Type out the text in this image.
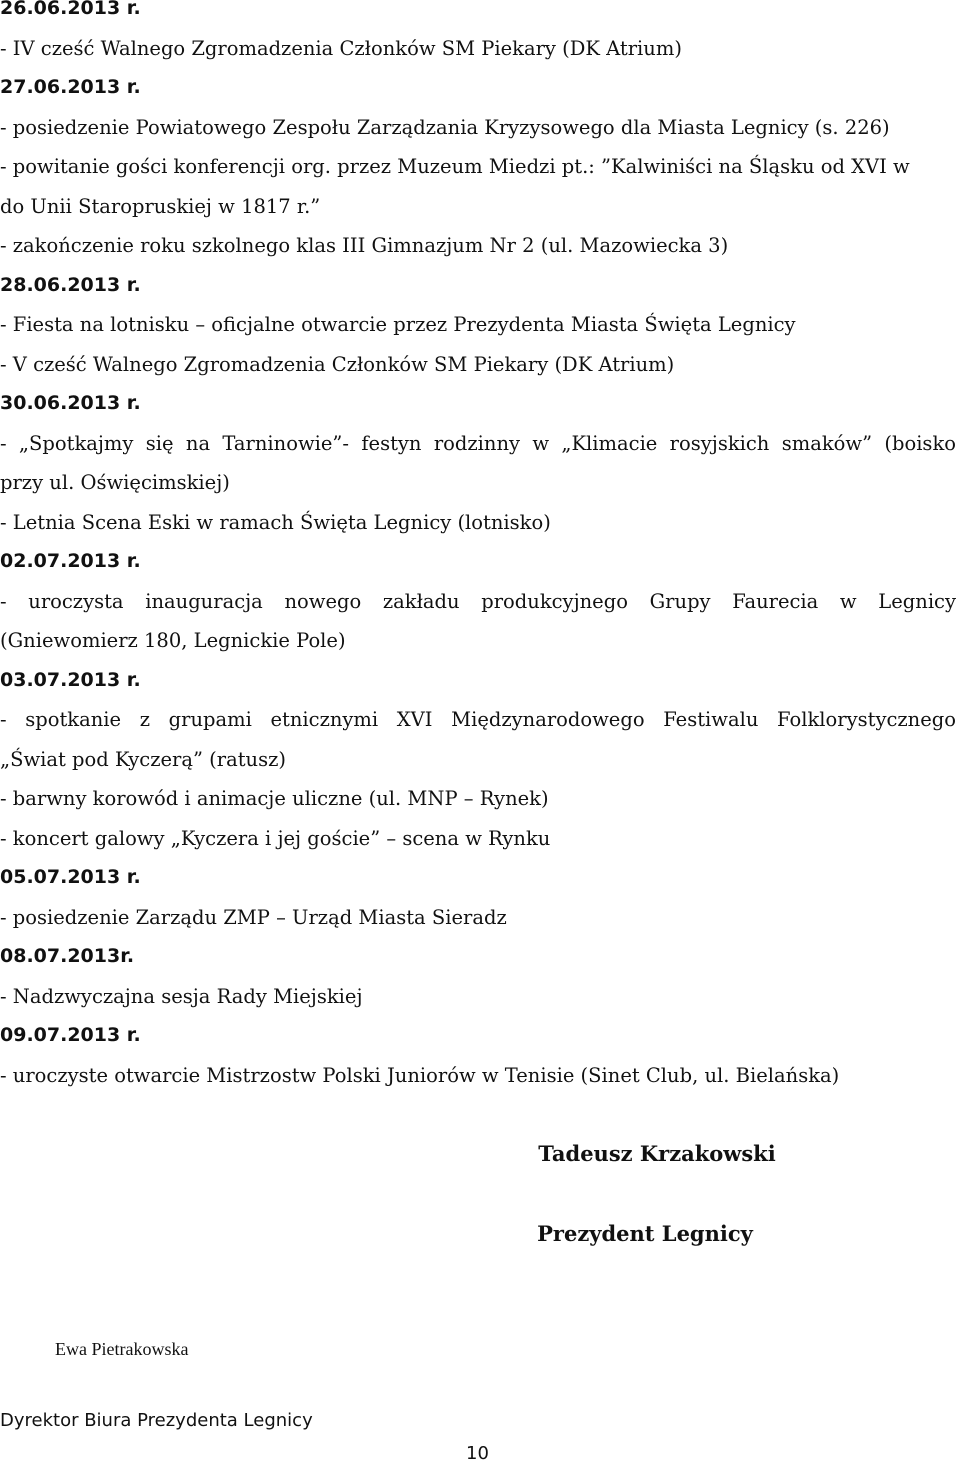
26.06.2013 r.
- IV cześć Walnego Zgromadzenia Członków SM Piekary (DK Atrium)
27.06.2013 r.
- posiedzenie Powiatowego Zespołu Zarządzania Kryzysowego dla Miasta Legnicy (s. 226)
- powitanie gości konferencji org. przez Muzeum Miedzi pt.: ”Kalwiniści na Śląsku od XVI w
do Unii Staropruskiej w 1817 r.”
- zakończenie roku szkolnego klas III Gimnazjum Nr 2 (ul. Mazowiecka 3)
28.06.2013 r.
- Fiesta na lotnisku – oficjalne otwarcie przez Prezydenta Miasta Święta Legnicy
- V cześć Walnego Zgromadzenia Członków SM Piekary (DK Atrium)
30.06.2013 r.
- „Spotkajmy się na Tarninowie”- festyn rodzinny w „Klimacie rosyjskich smaków” (boisko
przy ul. Oświęcimskiej)
- Letnia Scena Eski w ramach Święta Legnicy (lotnisko)
02.07.2013 r.
- uroczysta inauguracja nowego zakładu produkcyjnego Grupy Faurecia w Legnicy
(Gniewomierz 180, Legnickie Pole)
03.07.2013 r.
- spotkanie z grupami etnicznymi XVI Międzynarodowego Festiwalu Folklorystycznego
„Świat pod Kyczerą” (ratusz)
- barwny korowód i animacje uliczne (ul. MNP – Rynek)
- koncert galowy „Kyczera i jej goście” – scena w Rynku
05.07.2013 r.
- posiedzenie Zarządu ZMP – Urząd Miasta Sieradz
08.07.2013r.
- Nadzwyczajna sesja Rady Miejskiej
09.07.2013 r.
- uroczyste otwarcie Mistrzostw Polski Juniorów w Tenisie (Sinet Club, ul. Bielańska)
Tadeusz Krzakowski
Prezydent Legnicy
Ewa Pietrakowska
Dyrektor Biura Prezydenta Legnicy
10
